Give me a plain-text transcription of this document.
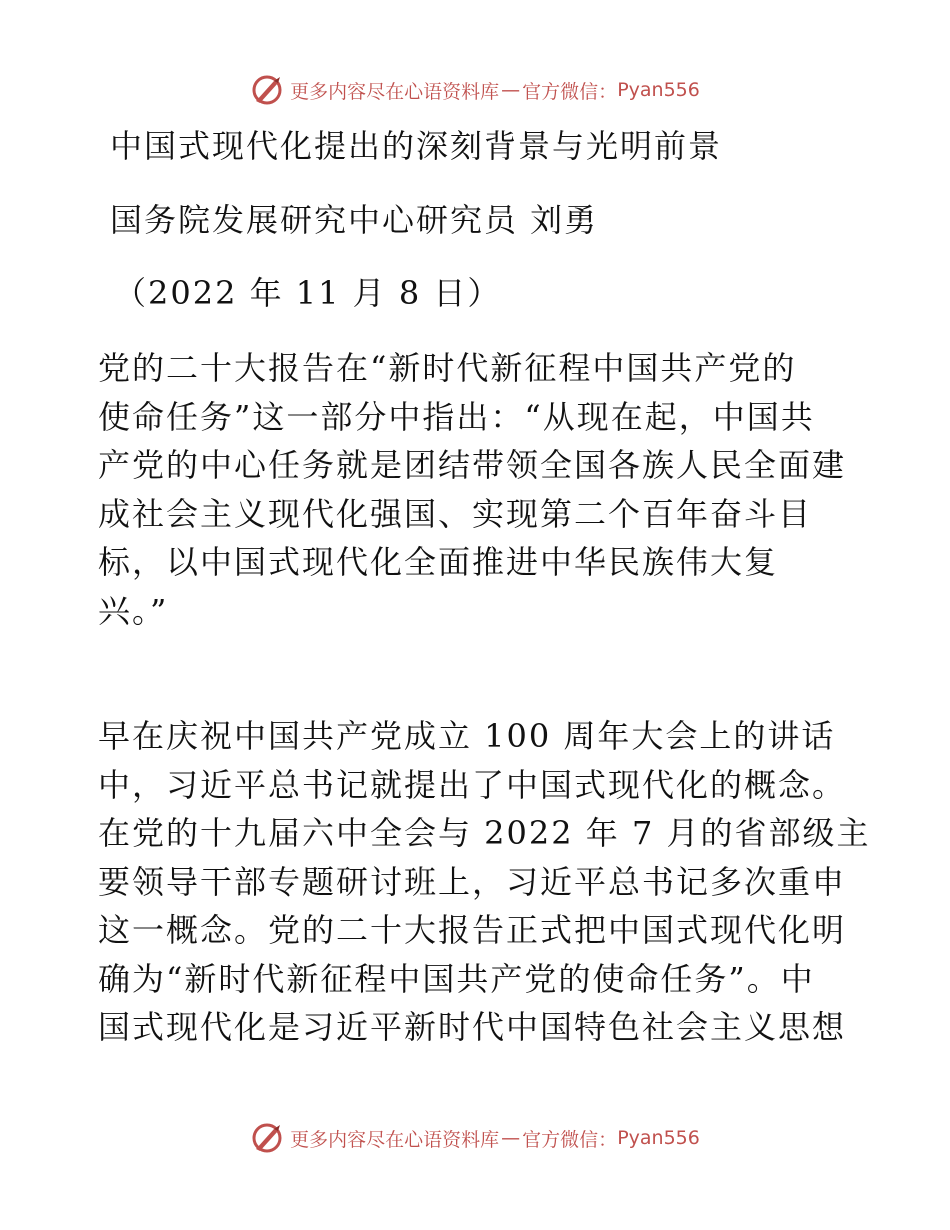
更多内容尽在心语资料库 — 官方微信： Pyan556
中国式现代化提出的深刻背景与光明前景
国务院发展研究中心研究员 刘勇
（2022 年 11 月 8 日）

党的二十大报告在“新时代新征程中国共产党的
使命任务”这一部分中指出：“从现在起，中国共
产党的中心任务就是团结带领全国各族人民全面建
成社会主义现代化强国、实现第二个百年奋斗目
标，以中国式现代化全面推进中华民族伟大复
兴。”

早在庆祝中国共产党成立 100 周年大会上的讲话
中，习近平总书记就提出了中国式现代化的概念。
在党的十九届六中全会与 2022 年 7 月的省部级主
要领导干部专题研讨班上，习近平总书记多次重申
这一概念。党的二十大报告正式把中国式现代化明
确为“新时代新征程中国共产党的使命任务”。中
国式现代化是习近平新时代中国特色社会主义思想

更多内容尽在心语资料库 — 官方微信： Pyan556
